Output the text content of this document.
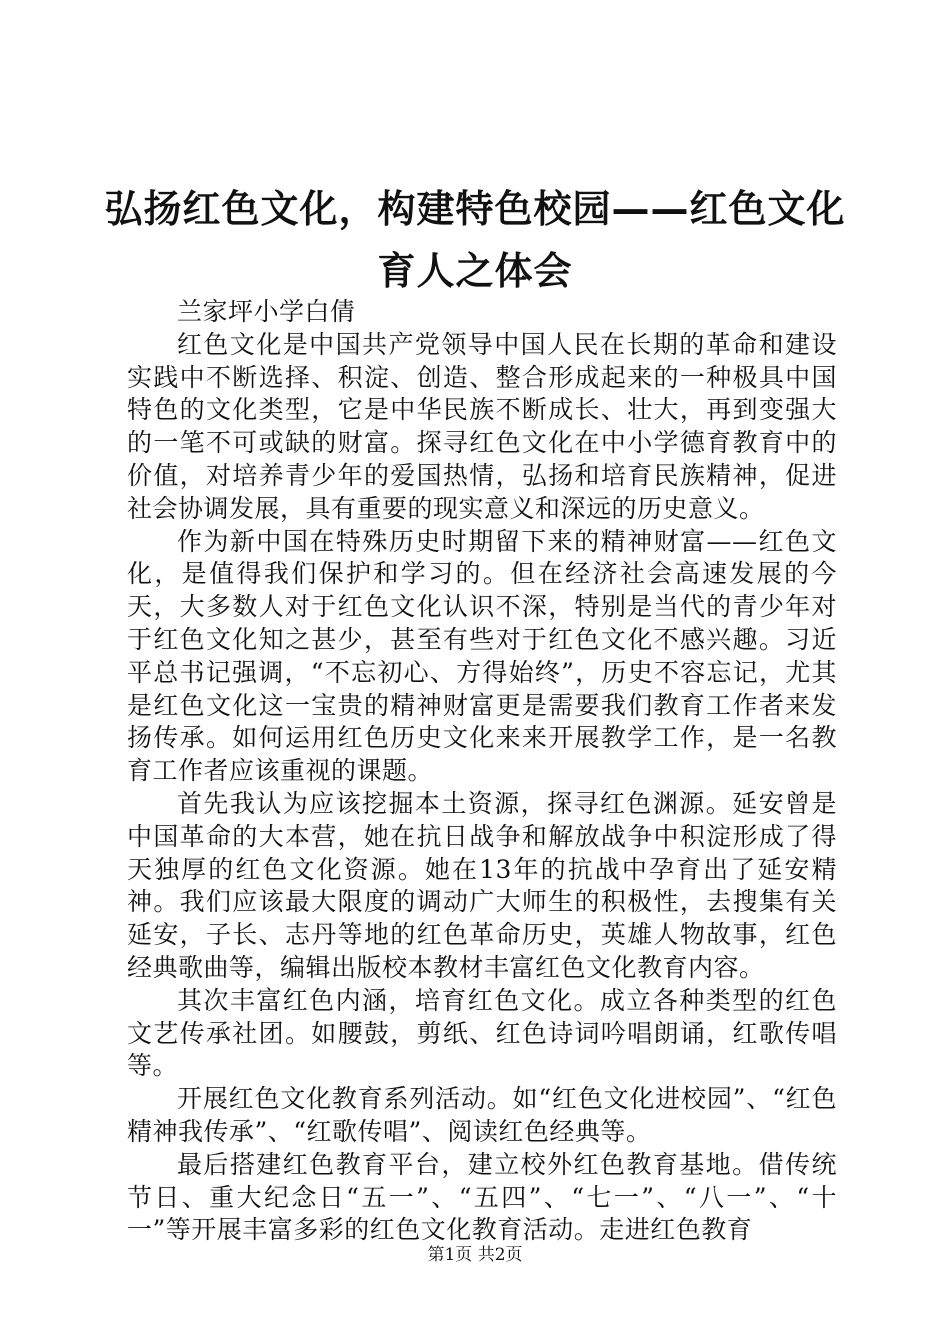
弘扬红色文化，构建特色校园——红色文化育人之体会

兰家坪小学白倩

红色文化是中国共产党领导中国人民在长期的革命和建设实践中不断选择、积淀、创造、整合形成起来的一种极具中国特色的文化类型，它是中华民族不断成长、壮大，再到变强大的一笔不可或缺的财富。探寻红色文化在中小学德育教育中的价值，对培养青少年的爱国热情，弘扬和培育民族精神，促进社会协调发展，具有重要的现实意义和深远的历史意义。

作为新中国在特殊历史时期留下来的精神财富——红色文化，是值得我们保护和学习的。但在经济社会高速发展的今天，大多数人对于红色文化认识不深，特别是当代的青少年对于红色文化知之甚少，甚至有些对于红色文化不感兴趣。习近平总书记强调，“不忘初心、方得始终”，历史不容忘记，尤其是红色文化这一宝贵的精神财富更是需要我们教育工作者来发扬传承。如何运用红色历史文化来来开展教学工作，是一名教育工作者应该重视的课题。

首先我认为应该挖掘本土资源，探寻红色渊源。延安曾是中国革命的大本营，她在抗日战争和解放战争中积淀形成了得天独厚的红色文化资源。她在13年的抗战中孕育出了延安精神。我们应该最大限度的调动广大师生的积极性，去搜集有关延安，子长、志丹等地的红色革命历史，英雄人物故事，红色经典歌曲等，编辑出版校本教材丰富红色文化教育内容。

其次丰富红色内涵，培育红色文化。成立各种类型的红色文艺传承社团。如腰鼓，剪纸、红色诗词吟唱朗诵，红歌传唱等。

开展红色文化教育系列活动。如“红色文化进校园”、“红色精神我传承”、“红歌传唱”、阅读红色经典等。

最后搭建红色教育平台，建立校外红色教育基地。借传统节日、重大纪念日“五一”、“五四”、“七一”、“八一”、“十一”等开展丰富多彩的红色文化教育活动。走进红色教育

第1页 共2页
